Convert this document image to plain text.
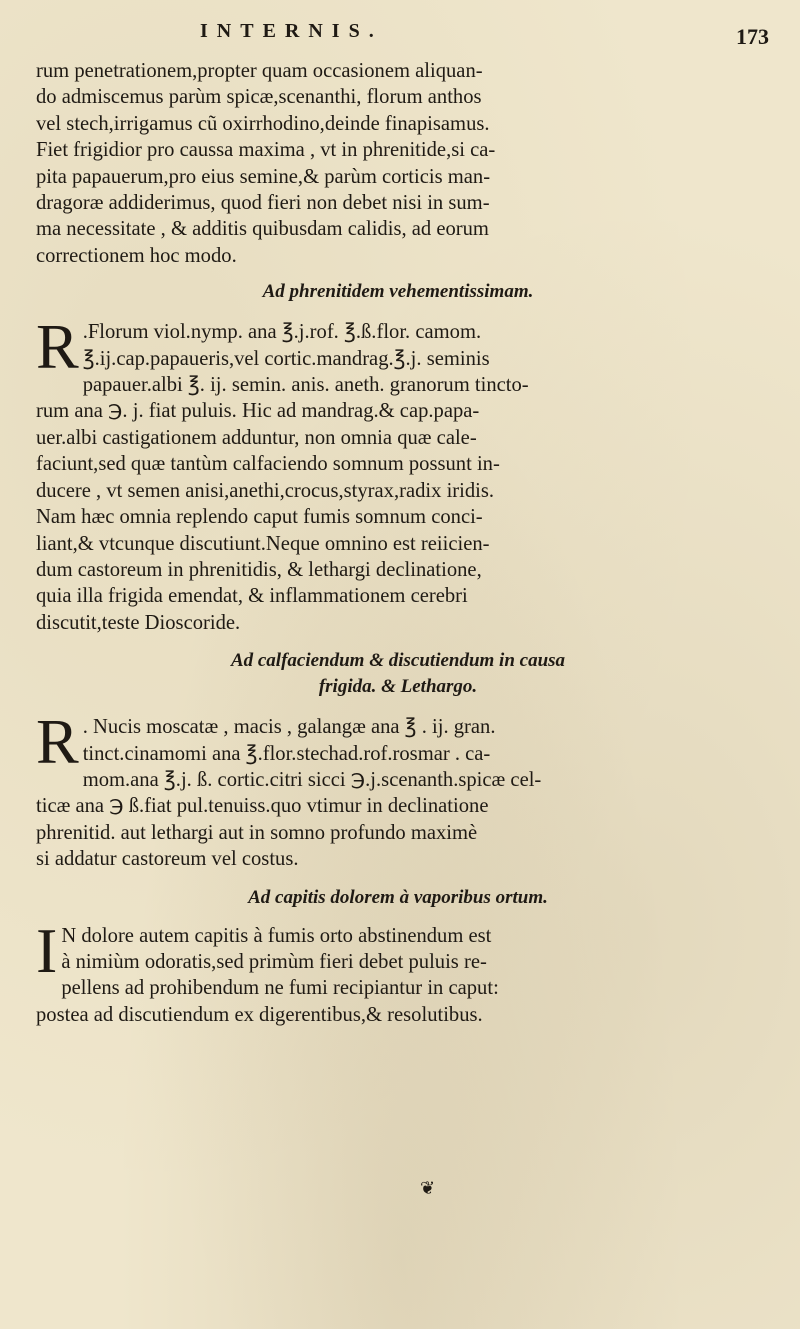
INTERNIS.	173

rum penetrationem,propter quam occasionem aliquan-
do admiscemus parùm spicæ,scenanthi, florum anthos
vel stech,irrigamus cũ oxirrhodino,deinde finapisamus.
Fiet frigidior pro caussa maxima , vt in phrenitide,si ca-
pita papauerum,pro eius semine,& parùm corticis man-
dragoræ addiderimus, quod fieri non debet nisi in sum-
ma necessitate , & additis quibusdam calidis, ad eorum
correctionem hoc modo.

Ad phrenitidem vehementissimam.

R .Florum viol.nymp. ana ℥.j.rof. ℥.ß.flor. camom.
℥.ij.cap.papaueris,vel cortic.mandrag.℥.j. seminis
papauer.albi ℥. ij. semin. anis. aneth. granorum tincto-
rum ana ℈. j. fiat puluis. Hic ad mandrag.& cap.papa-
uer.albi castigationem adduntur, non omnia quæ cale-
faciunt,sed quæ tantùm calfaciendo somnum possunt in-
ducere , vt semen anisi,anethi,crocus,styrax,radix iridis.
Nam hæc omnia replendo caput fumis somnum conci-
liant,& vtcunque discutiunt.Neque omnino est reiicien-
dum castoreum in phrenitidis, & lethargi declinatione,
quia illa frigida emendat, & inflammationem cerebri
discutit,teste Dioscoride.

Ad calfaciendum & discutiendum in causa
frigida. & Lethargo.

R . Nucis moscatæ , macis , galangæ ana ℥ . ij. gran.
tinct.cinamomi ana ℥.flor.stechad.rof.rosmar . ca-
mom.ana ℥.j. ß. cortic.citri sicci ℈.j.scenanth.spicæ cel-
ticæ ana ℈ ß.fiat pul.tenuiss.quo vtimur in declinatione
phrenitid. aut lethargi aut in somno profundo maximè
si addatur castoreum vel costus.

Ad capitis dolorem à vaporibus ortum.

I N dolore autem capitis à fumis orto abstinendum est
à nimiùm odoratis,sed primùm fieri debet puluis re-
pellens ad prohibendum ne fumi recipiantur in caput:
postea ad discutiendum ex digerentibus,& resolutibus.

❦
